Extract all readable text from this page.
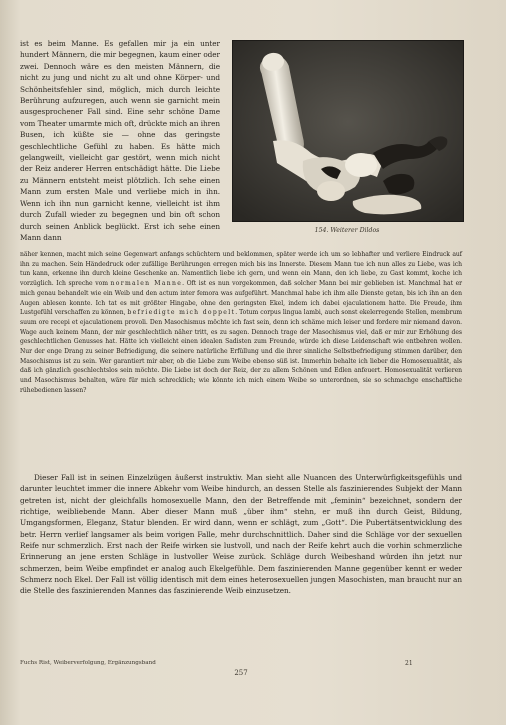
ist es beim Manne. Es gefallen mir ja ein unter hundert Männern, die mir begegnen, kaum einer oder zwei. Dennoch wäre es den meisten Männern, die nicht zu jung und nicht zu alt und ohne Körper- und Schönheitsfehler sind, möglich, mich durch leichte Berührung aufzuregen, auch wenn sie garnicht mein ausgesprochener Fall sind. Eine sehr schöne Dame vom Theater umarmte mich oft, drückte mich an ihren Busen, ich küßte sie — ohne das geringste geschlechtliche Gefühl zu haben. Es hätte mich gelangweilt, vielleicht gar gestört, wenn mich nicht der Reiz anderer Herren entschädigt hätte. Die Liebe zu Männern entsteht meist plötzlich. Ich sehe einen Mann zum ersten Male und verliebe mich in ihn. Wenn ich ihn nun garnicht kenne, vielleicht ist ihm durch Zufall wieder zu begegnen und bin oft schon durch seinen Anblick beglückt. Erst ich sehe einen Mann dann
154. Weiterer Dildos

näher kennen, macht mich seine Gegenwart anfangs schüchtern und beklommen, später werde ich um so lebhafter und verliere Eindruck auf ihn zu machen. Sein Händedruck oder zufällige Berührungen erregen mich bis ins Innerste. Diesem Mann tue ich nun alles zu Liebe, was ich tun kann, erkenne ihn durch kleine Geschenke an. Namentlich liebe ich gern, und wenn ein Mann, den ich liebe, zu Gast kommt, koche ich vorzüglich. Ich spreche vom normalen Manne. Oft ist es nun vorgekommen, daß solcher Mann bei mir geblieben ist. Manchmal hat er mich genau behandelt wie ein Weib und den actum inter femora was aufgeführt. Manchmal habe ich ihm alle Dienste getan, bis ich ihn an den Augen ablesen konnte. Ich tat es mit größter Hingabe, ohne den geringsten Ekel, indem ich dabei ejaculationem hatte. Die Freude, ihm Lustgefühl verschaffen zu können, befriedigte mich doppelt. Totum corpus lingua lambi, auch sonst ekelerregende Stellen, membrum suum ore recepi et ejaculationem provoli. Den Masochismus möchte ich fast sein, denn ich schäme mich leiser und fordere mir niemand davon. Wage auch keinem Mann, der mir geschlechtlich näher tritt, es zu sagen. Dennoch trage der Masochismus viel, daß er mir zur Erhöhung des geschlechtlichen Genusses hat. Hätte ich vielleicht einen idealen Sadisten zum Freunde, würde ich diese Leidenschaft wie entbehren wollen. Nur der enge Drang zu seiner Befriedigung, die seinere natürliche Erfüllung und die ihrer sinnliche Selbstbefriedigung stimmen darüber, den Masochismus ist zu sein. Wer garantiert mir aber, ob die Liebe zum Weibe ebenso süß ist. Immerhin behalte ich lieber die Homosexualität, als daß ich gänzlich geschlechtslos sein möchte. Die Liebe ist doch der Reiz, der zu allem Schönen und Edlen anfeuert. Homosexualität verlieren und Masochismus behalten, wäre für mich schrecklich; wie könnte ich mich einem Weibe so unterordnen, sie so schmachge enschaftliche rühebedienen lassen?

Dieser Fall ist in seinen Einzelzügen äußerst instruktiv. Man sieht alle Nuancen des Unterwürfigkeitsgefühls und darunter leuchtet immer die innere Abkehr vom Weibe hindurch, an dessen Stelle als faszinierendes Subjekt der Mann getreten ist, nicht der gleichfalls homosexuelle Mann, den der Betreffende mit „feminin“ bezeichnet, sondern der richtige, weibliebende Mann. Aber dieser Mann muß „über ihm“ stehn, er muß ihn durch Geist, Bildung, Umgangsformen, Eleganz, Statur blenden. Er wird dann, wenn er schlägt, zum „Gott“. Die Pubertätsentwicklung des betr. Herrn verlief langsamer als beim vorigen Falle, mehr durchschnittlich. Daher sind die Schläge vor der sexuellen Reife nur schmerzlich. Erst nach der Reife wirken sie lustvoll, und nach der Reife kehrt auch die vorhin schmerzliche Erinnerung an jene ersten Schläge in lustvoller Weise zurück. Schläge durch Weibeshand würden ihn jetzt nur schmerzen, beim Weibe empfindet er analog auch Ekelgefühle. Dem faszinierenden Manne gegenüber kennt er weder Schmerz noch Ekel. Der Fall ist völlig identisch mit dem eines heterosexuellen jungen Masochisten, man braucht nur an die Stelle des faszinierenden Mannes das faszinierende Weib einzusetzen.

Fuchs Rist, Weiberverfolgung, Ergänzungsband
257
21
